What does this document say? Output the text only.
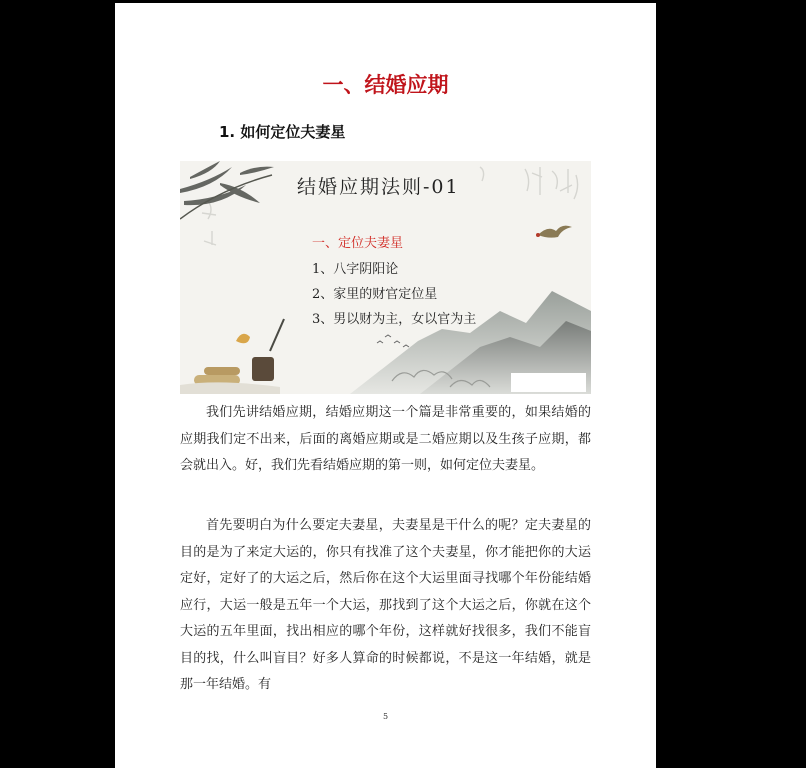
一、结婚应期
1. 如何定位夫妻星
结婚应期法则-01
一、定位夫妻星
1、八字阴阳论
2、家里的财官定位星
3、男以财为主，女以官为主

我们先讲结婚应期，结婚应期这一个篇是非常重要的，如果结婚的应期我们定不出来，后面的离婚应期或是二婚应期以及生孩子应期，都会就出入。好，我们先看结婚应期的第一则，如何定位夫妻星。

首先要明白为什么要定夫妻星，夫妻星是干什么的呢？定夫妻星的目的是为了来定大运的，你只有找准了这个夫妻星，你才能把你的大运定好，定好了的大运之后，然后你在这个大运里面寻找哪个年份能结婚应行，大运一般是五年一个大运，那找到了这个大运之后，你就在这个大运的五年里面，找出相应的哪个年份，这样就好找很多，我们不能盲目的找，什么叫盲目？好多人算命的时候都说，不是这一年结婚，就是那一年结婚。有

5
